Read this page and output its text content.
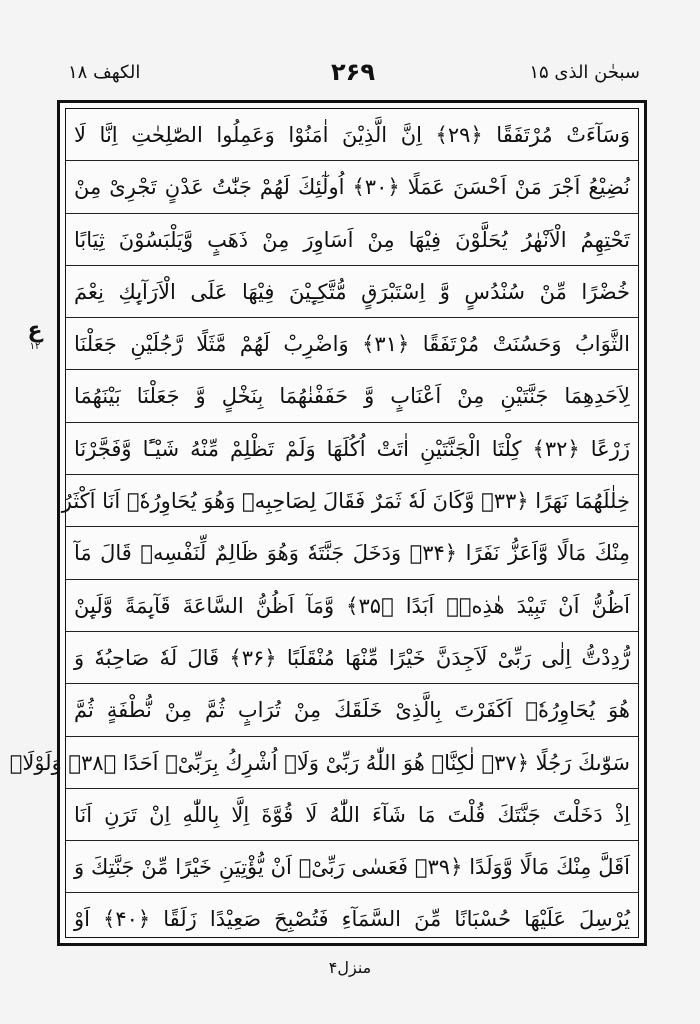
الکھف ۱۸	۲۶۹	سبحٰن الذی ۱۵
ع
۱۲
وَسَآءَتْ مُرْتَفَقًا ﴿۲۹﴾ اِنَّ الَّذِیْنَ اٰمَنُوْا وَعَمِلُوا الصّٰلِحٰتِ اِنَّا لَا
نُضِیْعُ اَجْرَ مَنْ اَحْسَنَ عَمَلًا ﴿۳۰﴾ اُولٰٓئِكَ لَهُمْ جَنّٰتُ عَدْنٍ تَجْرِیْ مِنْ
تَحْتِهِمُ الْاَنْهٰرُ یُحَلَّوْنَ فِیْهَا مِنْ اَسَاوِرَ مِنْ ذَهَبٍ وَّیَلْبَسُوْنَ ثِیَابًا
خُضْرًا مِّنْ سُنْدُسٍ وَّ اِسْتَبْرَقٍ مُّتَّكِـِٕیْنَ فِیْهَا عَلَی الْاَرَآىِٕكِ نِعْمَ
الثَّوَابُ وَحَسُنَتْ مُرْتَفَقًا ﴿۳۱﴾ وَاضْرِبْ لَهُمْ مَّثَلًا رَّجُلَیْنِ جَعَلْنَا
لِاَحَدِهِمَا جَنَّتَیْنِ مِنْ اَعْنَابٍ وَّ حَفَفْنٰهُمَا بِنَخْلٍ وَّ جَعَلْنَا بَیْنَهُمَا
زَرْعًا ﴿۳۲﴾ كِلْتَا الْجَنَّتَیْنِ اٰتَتْ اُكُلَهَا وَلَمْ تَظْلِمْ مِّنْهُ شَیْـًٔا وَّفَجَّرْنَا
خِلٰلَهُمَا نَهَرًا ﴿۳۳﴾ وَّكَانَ لَهٗ ثَمَرٌ فَقَالَ لِصَاحِبِهٖ وَهُوَ یُحَاوِرُهٗۤ اَنَا اَكْثَرُ
مِنْكَ مَالًا وَّاَعَزُّ نَفَرًا ﴿۳۴﴾ وَدَخَلَ جَنَّتَهٗ وَهُوَ ظَالِمٌ لِّنَفْسِهٖ قَالَ مَآ
اَظُنُّ اَنْ تَبِیْدَ هٰذِهٖۤ اَبَدًا ﴿۳۵﴾ وَّمَآ اَظُنُّ السَّاعَةَ قَآىِٕمَةً وَّلَىِٕنْ
رُّدِدْتُّ اِلٰی رَبِّیْ لَاَجِدَنَّ خَیْرًا مِّنْهَا مُنْقَلَبًا ﴿۳۶﴾ قَالَ لَهٗ صَاحِبُهٗ وَ
هُوَ یُحَاوِرُهٗۤ اَكَفَرْتَ بِالَّذِیْ خَلَقَكَ مِنْ تُرَابٍ ثُمَّ مِنْ نُّطْفَةٍ ثُمَّ
سَوّٰىكَ رَجُلًا ﴿۳۷﴾ لٰكِنَّاۡ هُوَ اللّٰهُ رَبِّیْ وَلَاۤ اُشْرِكُ بِرَبِّیْۤ اَحَدًا ﴿۳۸﴾ وَلَوْلَاۤ
اِذْ دَخَلْتَ جَنَّتَكَ قُلْتَ مَا شَآءَ اللّٰهُ لَا قُوَّةَ اِلَّا بِاللّٰهِ اِنْ تَرَنِ اَنَا
اَقَلَّ مِنْكَ مَالًا وَّوَلَدًا ﴿۳۹﴾ فَعَسٰی رَبِّیْۤ اَنْ یُّؤْتِیَنِ خَیْرًا مِّنْ جَنَّتِكَ وَ
یُرْسِلَ عَلَیْهَا حُسْبَانًا مِّنَ السَّمَآءِ فَتُصْبِحَ صَعِیْدًا زَلَقًا ﴿۴۰﴾ اَوْ
منزل۴
